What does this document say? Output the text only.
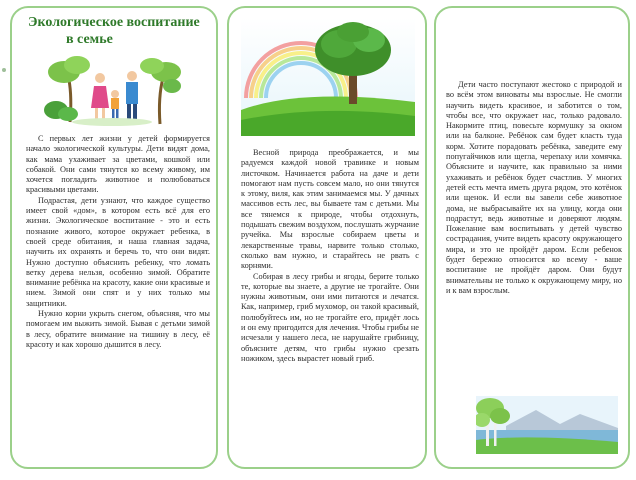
Экологическое воспитание
в семье

С первых лет жизни у детей формируется начало экологической культуры. Дети видят дома, как мама ухаживает за цветами, кошкой или собакой. Они сами тянутся ко всему живому, им хочется погладить животное и полюбоваться красивыми цветами.

Подрастая, дети узнают, что каждое существо имеет свой «дом», в котором есть всё для его жизни. Экологическое воспитание - это и есть познание живого, которое окружает ребенка, в своей среде обитания, и наша главная задача, научить их охранять и беречь то, что они видят. Нужно доступно объяснить ребенку, что ломать ветку дерева нельзя, особенно зимой. Обратите внимание ребёнка на красоту, какие они красивые и нием. Зимой они спят и у них только мы защитники.

Нужно корни укрыть снегом, объясняя, что мы помогаем им выжить зимой. Бывая с детьми зимой в лесу, обратите внимание на тишину в лесу, её красоту и как хорошо дышится в лесу.

Весной природа преображается, и мы радуемся каждой новой травинке и новым листочком. Начинается работа на даче и дети помогают нам пусть совсем мало, но они тянутся к этому, виля, как этим занимаемся мы. У дачных массивов есть лес, вы бываете там с детьми. Мы все тянемся к природе, чтобы отдохнуть, подышать свежим воздухом, послушать журчание ручейка. Мы взрослые собираем цветы и лекарственные травы, нарвите только столько, сколько вам нужно, и старайтесь не рвать с корнями.

Собирая в лесу грибы и ягоды, берите только те, которые вы знаете, а другие не трогайте. Они нужны животным, они ими питаются и лечатся. Как, например, гриб мухомор, он такой красивый, полюбуйтесь им, но не трогайте его, придёт лось и он ему пригодится для лечения. Чтобы грибы не исчезали у нашего леса, не нарушайте грибницу, объясните детям, что грибы нужно срезать ножиком, здесь вырастет новый гриб.

Дети часто поступают жестоко с природой и во всём этом виноваты мы взрослые. Не смогли научить видеть красивое, и заботится о том, чтобы все, что окружает нас, только радовало. Накормите птиц, повесьте кормушку за окном или на балконе. Ребёнок сам будет класть туда корм. Хотите порадовать ребёнка, заведите ему попугайчиков или щегла, черепаху или хомячка. Объясните и научите, как правильно за ними ухаживать и ребёнок будет счастлив. У многих детей есть мечта иметь друга рядом, это котёнок или щенок. И если вы завели себе животное дома, не выбрасывайте их на улицу, когда они подрастут, ведь животные и доверяют людям. Пожелание вам воспитывать у детей чувство сострадания, учите видеть красоту окружающего мира, и это не пройдёт даром. Если ребенок будет бережно относится ко всему - ваше воспитание не пройдёт даром. Они будут внимательны не только к окружающему миру, но и к вам взрослым.
